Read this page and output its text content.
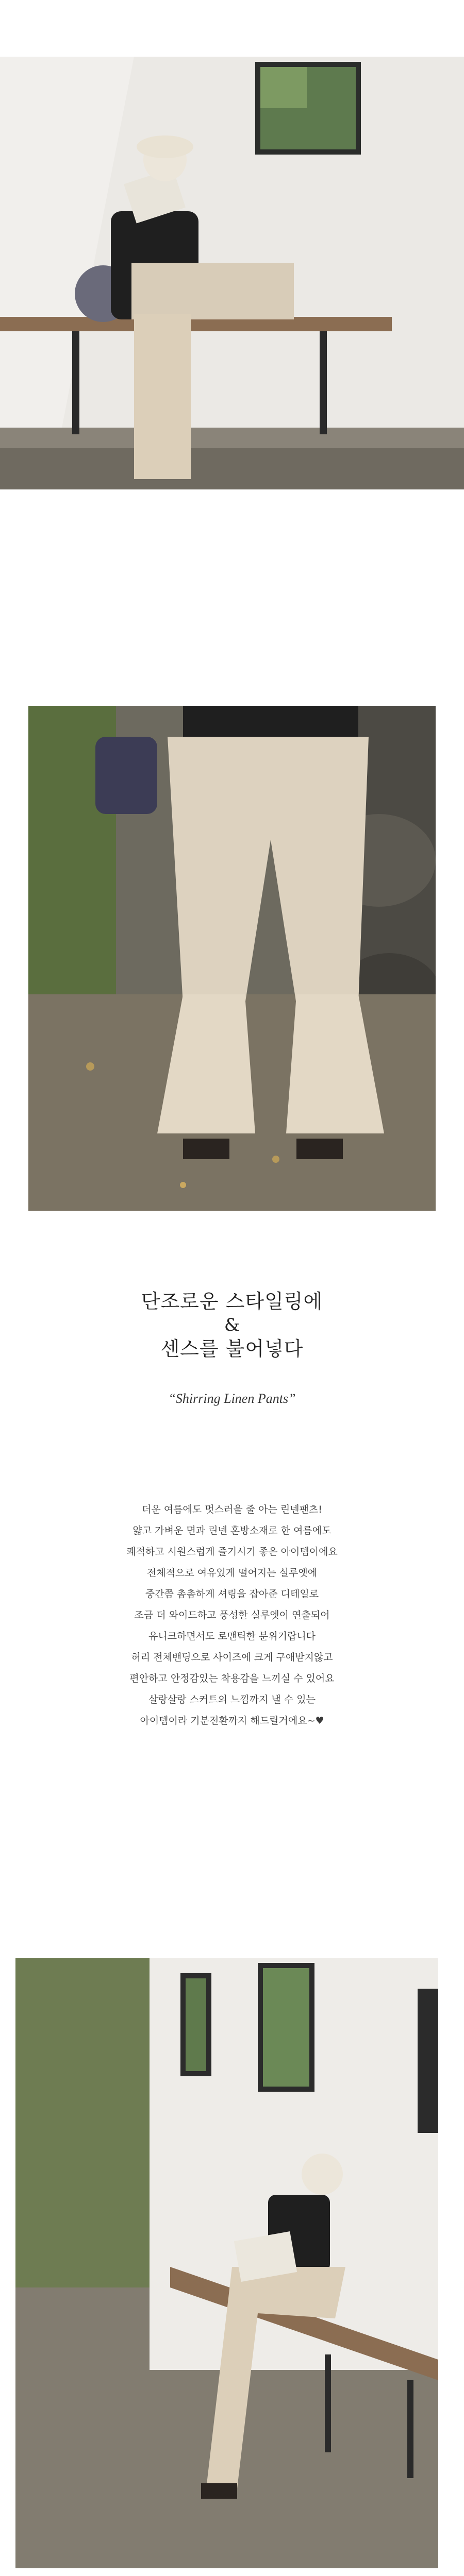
단조로운 스타일링에
&
센스를 불어넣다
“Shirring Linen Pants”
더운 여름에도 멋스러울 줄 아는 린넨팬츠!
얇고 가벼운 면과 린넨 혼방소재로 한 여름에도
쾌적하고 시원스럽게 즐기시기 좋은 아이템이에요
전체적으로 여유있게 떨어지는 실루엣에
중간쯤 촘촘하게 셔링을 잡아준 디테일로
조금 더 와이드하고 풍성한 실루엣이 연출되어
유니크하면서도 로맨틱한 분위기랍니다
허리 전체밴딩으로 사이즈에 크게 구애받지않고
편안하고 안정감있는 착용감을 느끼실 수 있어요
살랑살랑 스커트의 느낌까지 낼 수 있는
아이템이라 기분전환까지 해드릴거에요~♥
